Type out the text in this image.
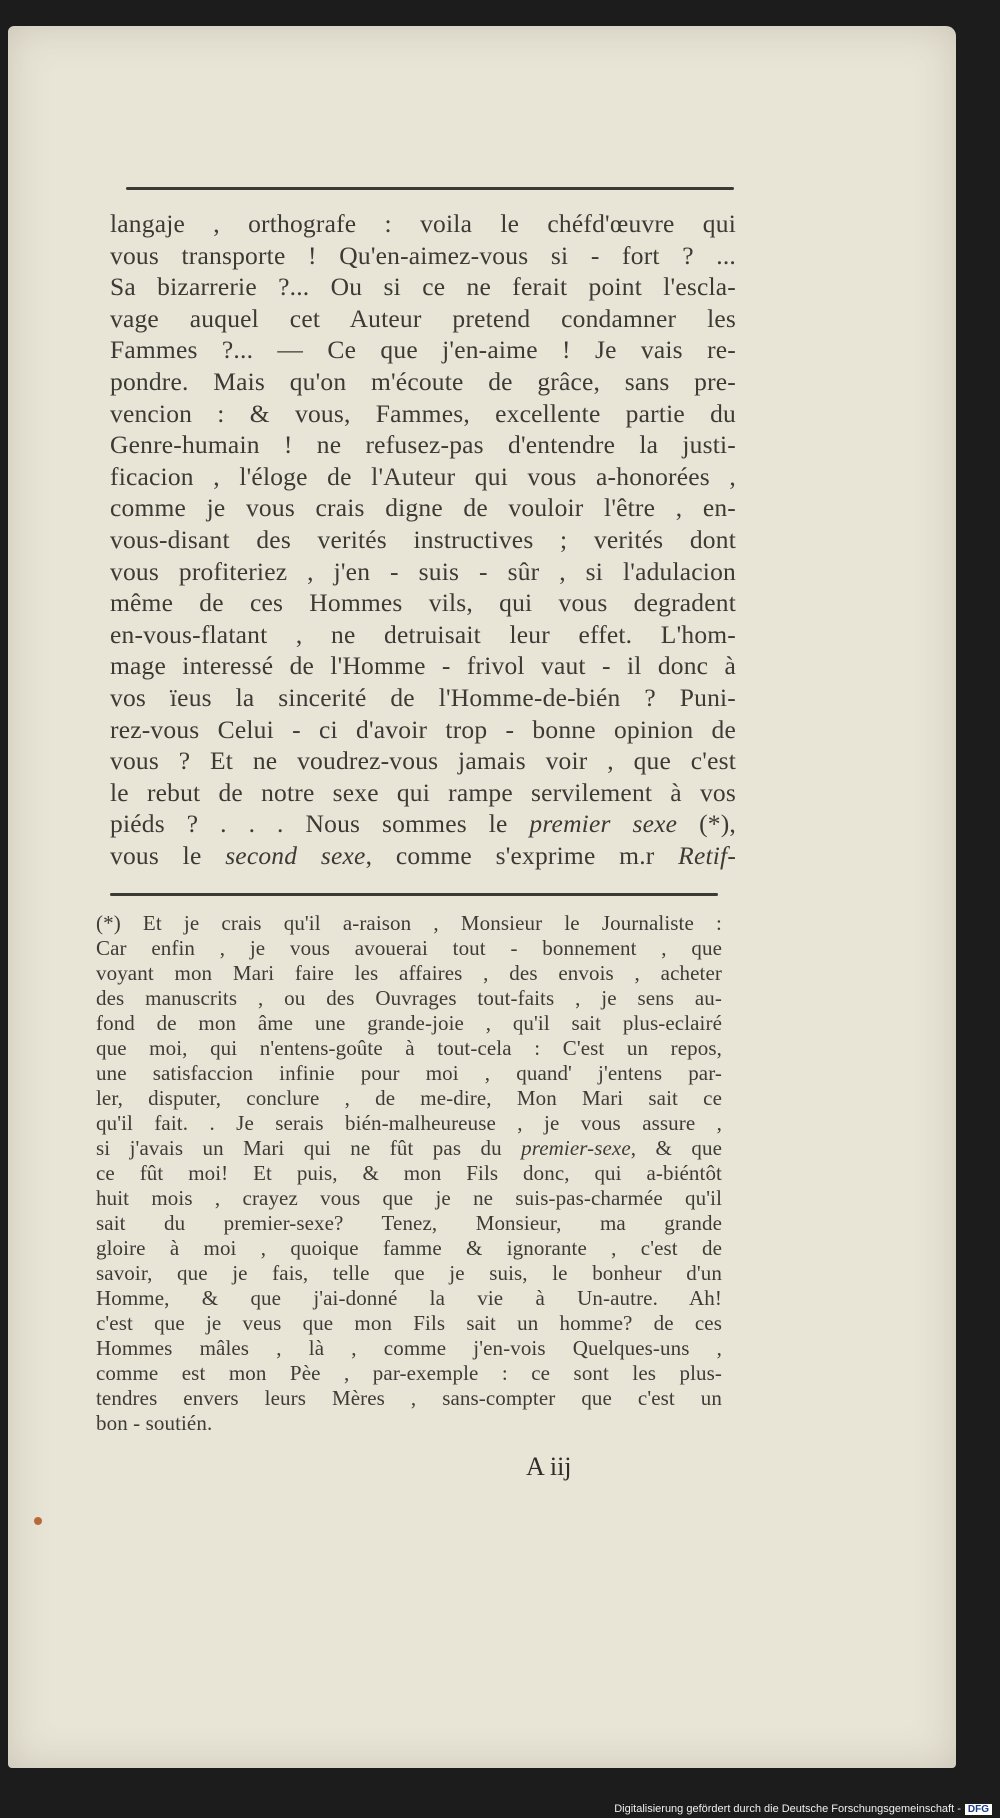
langaje , orthografe : voila le chéfd'œuvre qui
vous transporte ! Qu'en-aimez-vous si - fort ? ...
Sa bizarrerie ?... Ou si ce ne ferait point l'escla-
vage auquel cet Auteur pretend condamner les
Fammes ?... — Ce que j'en-aime ! Je vais re-
pondre. Mais qu'on m'écoute de grâce, sans pre-
vencion : & vous, Fammes, excellente partie du
Genre-humain ! ne refusez-pas d'entendre la justi-
ficacion , l'éloge de l'Auteur qui vous a-honorées ,
comme je vous crais digne de vouloir l'être , en-
vous-disant des verités instructives ; verités dont
vous profiteriez , j'en - suis - sûr , si l'adulacion
même de ces Hommes vils, qui vous degradent
en-vous-flatant , ne detruisait leur effet. L'hom-
mage interessé de l'Homme - frivol vaut - il donc à
vos ïeus la sincerité de l'Homme-de-bién ? Puni-
rez-vous Celui - ci d'avoir trop - bonne opinion de
vous ? Et ne voudrez-vous jamais voir , que c'est
le rebut de notre sexe qui rampe servilement à vos
piéds ? . . . Nous sommes le premier sexe (*),
vous le second sexe, comme s'exprime m.r Retif-
(*) Et je crais qu'il a-raison , Monsieur le Journaliste :
Car enfin , je vous avouerai tout - bonnement , que
voyant mon Mari faire les affaires , des envois , acheter
des manuscrits , ou des Ouvrages tout-faits , je sens au-
fond de mon âme une grande-joie , qu'il sait plus-eclairé
que moi, qui n'entens-goûte à tout-cela : C'est un repos,
une satisfaccion infinie pour moi , quand' j'entens par-
ler, disputer, conclure , de me-dire, Mon Mari sait ce
qu'il fait. . Je serais bién-malheureuse , je vous assure ,
si j'avais un Mari qui ne fût pas du premier-sexe, & que
ce fût moi! Et puis, & mon Fils donc, qui a-biéntôt
huit mois , crayez vous que je ne suis-pas-charmée qu'il
sait du premier-sexe? Tenez, Monsieur, ma grande
gloire à moi , quoique famme & ignorante , c'est de
savoir, que je fais, telle que je suis, le bonheur d'un
Homme, & que j'ai-donné la vie à Un-autre. Ah!
c'est que je veus que mon Fils sait un homme? de ces
Hommes mâles , là , comme j'en-vois Quelques-uns ,
comme est mon Pèe , par-exemple : ce sont les plus-
tendres envers leurs Mères , sans-compter que c'est un
bon - soutién.
A iij
Digitalisierung gefördert durch die Deutsche Forschungsgemeinschaft - DFG
